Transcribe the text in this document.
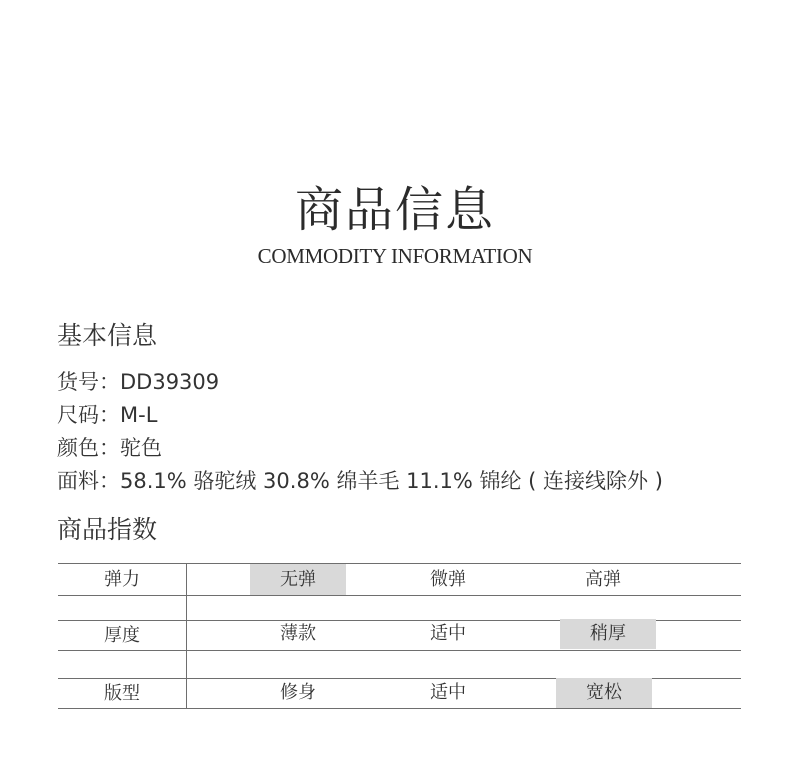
商品信息
COMMODITY INFORMATION
基本信息
货号：DD39309
尺码：M-L
颜色：驼色
面料：58.1% 骆驼绒 30.8% 绵羊毛 11.1% 锦纶 ( 连接线除外 )
商品指数
弹力	无弹	微弹	高弹
厚度	薄款	适中	稍厚
版型	修身	适中	宽松
